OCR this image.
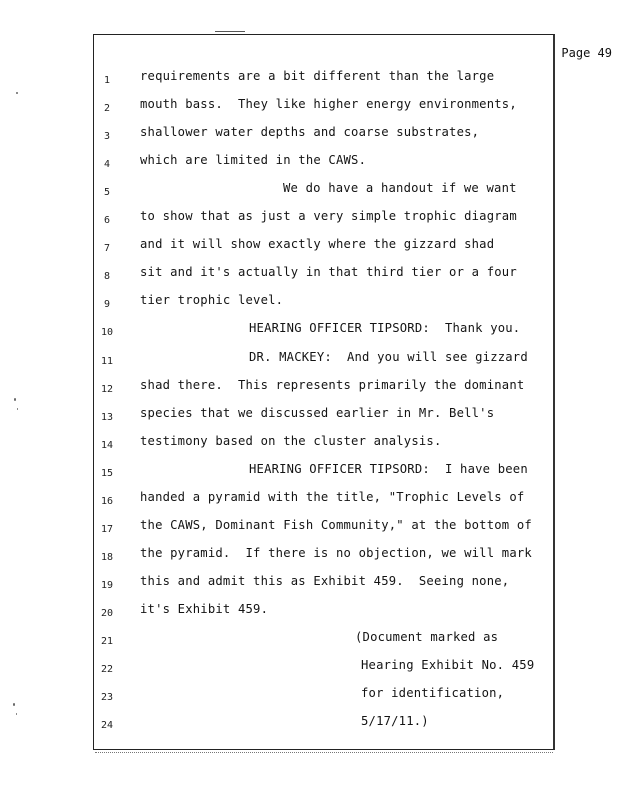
Page 49
1	requirements are a bit different than the large
2	mouth bass.  They like higher energy environments,
3	shallower water depths and coarse substrates,
4	which are limited in the CAWS.
5	We do have a handout if we want
6	to show that as just a very simple trophic diagram
7	and it will show exactly where the gizzard shad
8	sit and it's actually in that third tier or a four
9	tier trophic level.
10	HEARING OFFICER TIPSORD:  Thank you.
11	DR. MACKEY:  And you will see gizzard
12	shad there.  This represents primarily the dominant
13	species that we discussed earlier in Mr. Bell's
14	testimony based on the cluster analysis.
15	HEARING OFFICER TIPSORD:  I have been
16	handed a pyramid with the title, "Trophic Levels of
17	the CAWS, Dominant Fish Community," at the bottom of
18	the pyramid.  If there is no objection, we will mark
19	this and admit this as Exhibit 459.  Seeing none,
20	it's Exhibit 459.
21	(Document marked as
22	Hearing Exhibit No. 459
23	for identification,
24	5/17/11.)
